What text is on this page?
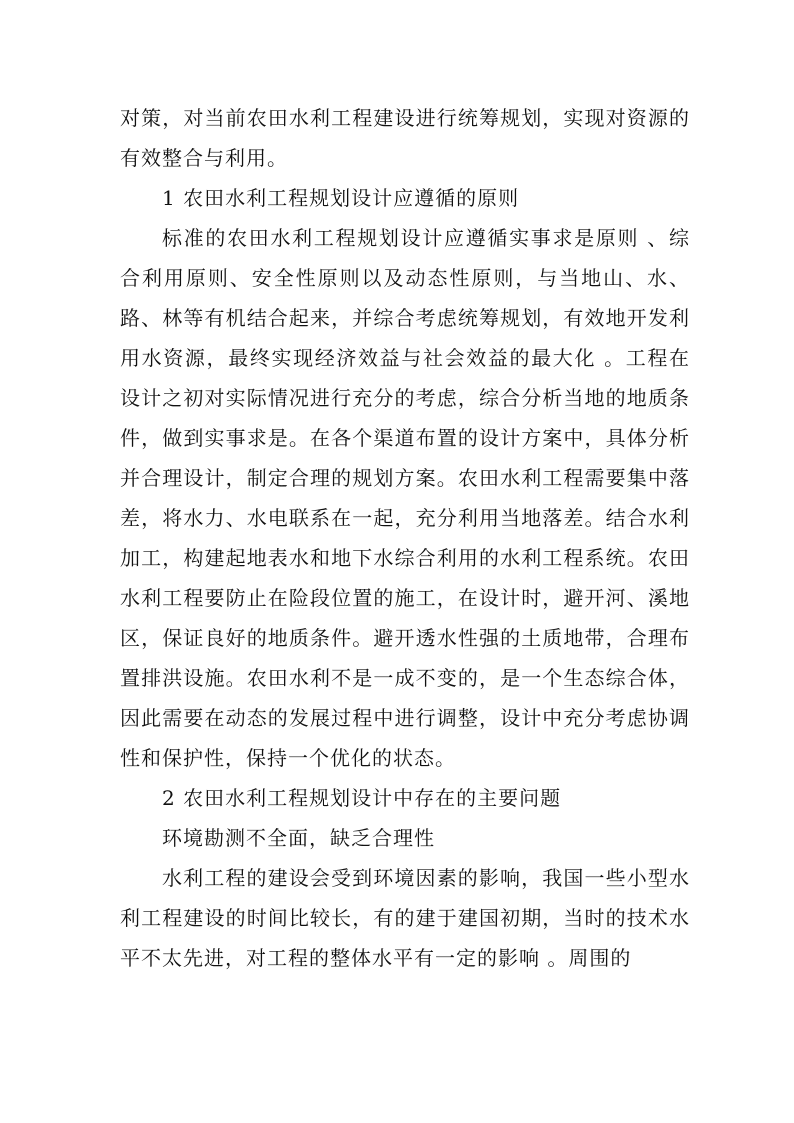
对策，对当前农田水利工程建设进行统筹规划，实现对资源的有效整合与利用。

1 农田水利工程规划设计应遵循的原则

标准的农田水利工程规划设计应遵循实事求是原则 、综合利用原则、安全性原则以及动态性原则，与当地山、水、路、林等有机结合起来，并综合考虑统筹规划，有效地开发利用水资源，最终实现经济效益与社会效益的最大化 。工程在设计之初对实际情况进行充分的考虑，综合分析当地的地质条件，做到实事求是。在各个渠道布置的设计方案中，具体分析并合理设计，制定合理的规划方案。农田水利工程需要集中落差，将水力、水电联系在一起，充分利用当地落差。结合水利加工，构建起地表水和地下水综合利用的水利工程系统。农田水利工程要防止在险段位置的施工，在设计时，避开河、溪地区，保证良好的地质条件。避开透水性强的土质地带，合理布置排洪设施。农田水利不是一成不变的，是一个生态综合体，因此需要在动态的发展过程中进行调整，设计中充分考虑协调性和保护性，保持一个优化的状态。

2 农田水利工程规划设计中存在的主要问题

环境勘测不全面，缺乏合理性

水利工程的建设会受到环境因素的影响，我国一些小型水利工程建设的时间比较长，有的建于建国初期，当时的技术水平不太先进，对工程的整体水平有一定的影响 。周围的
